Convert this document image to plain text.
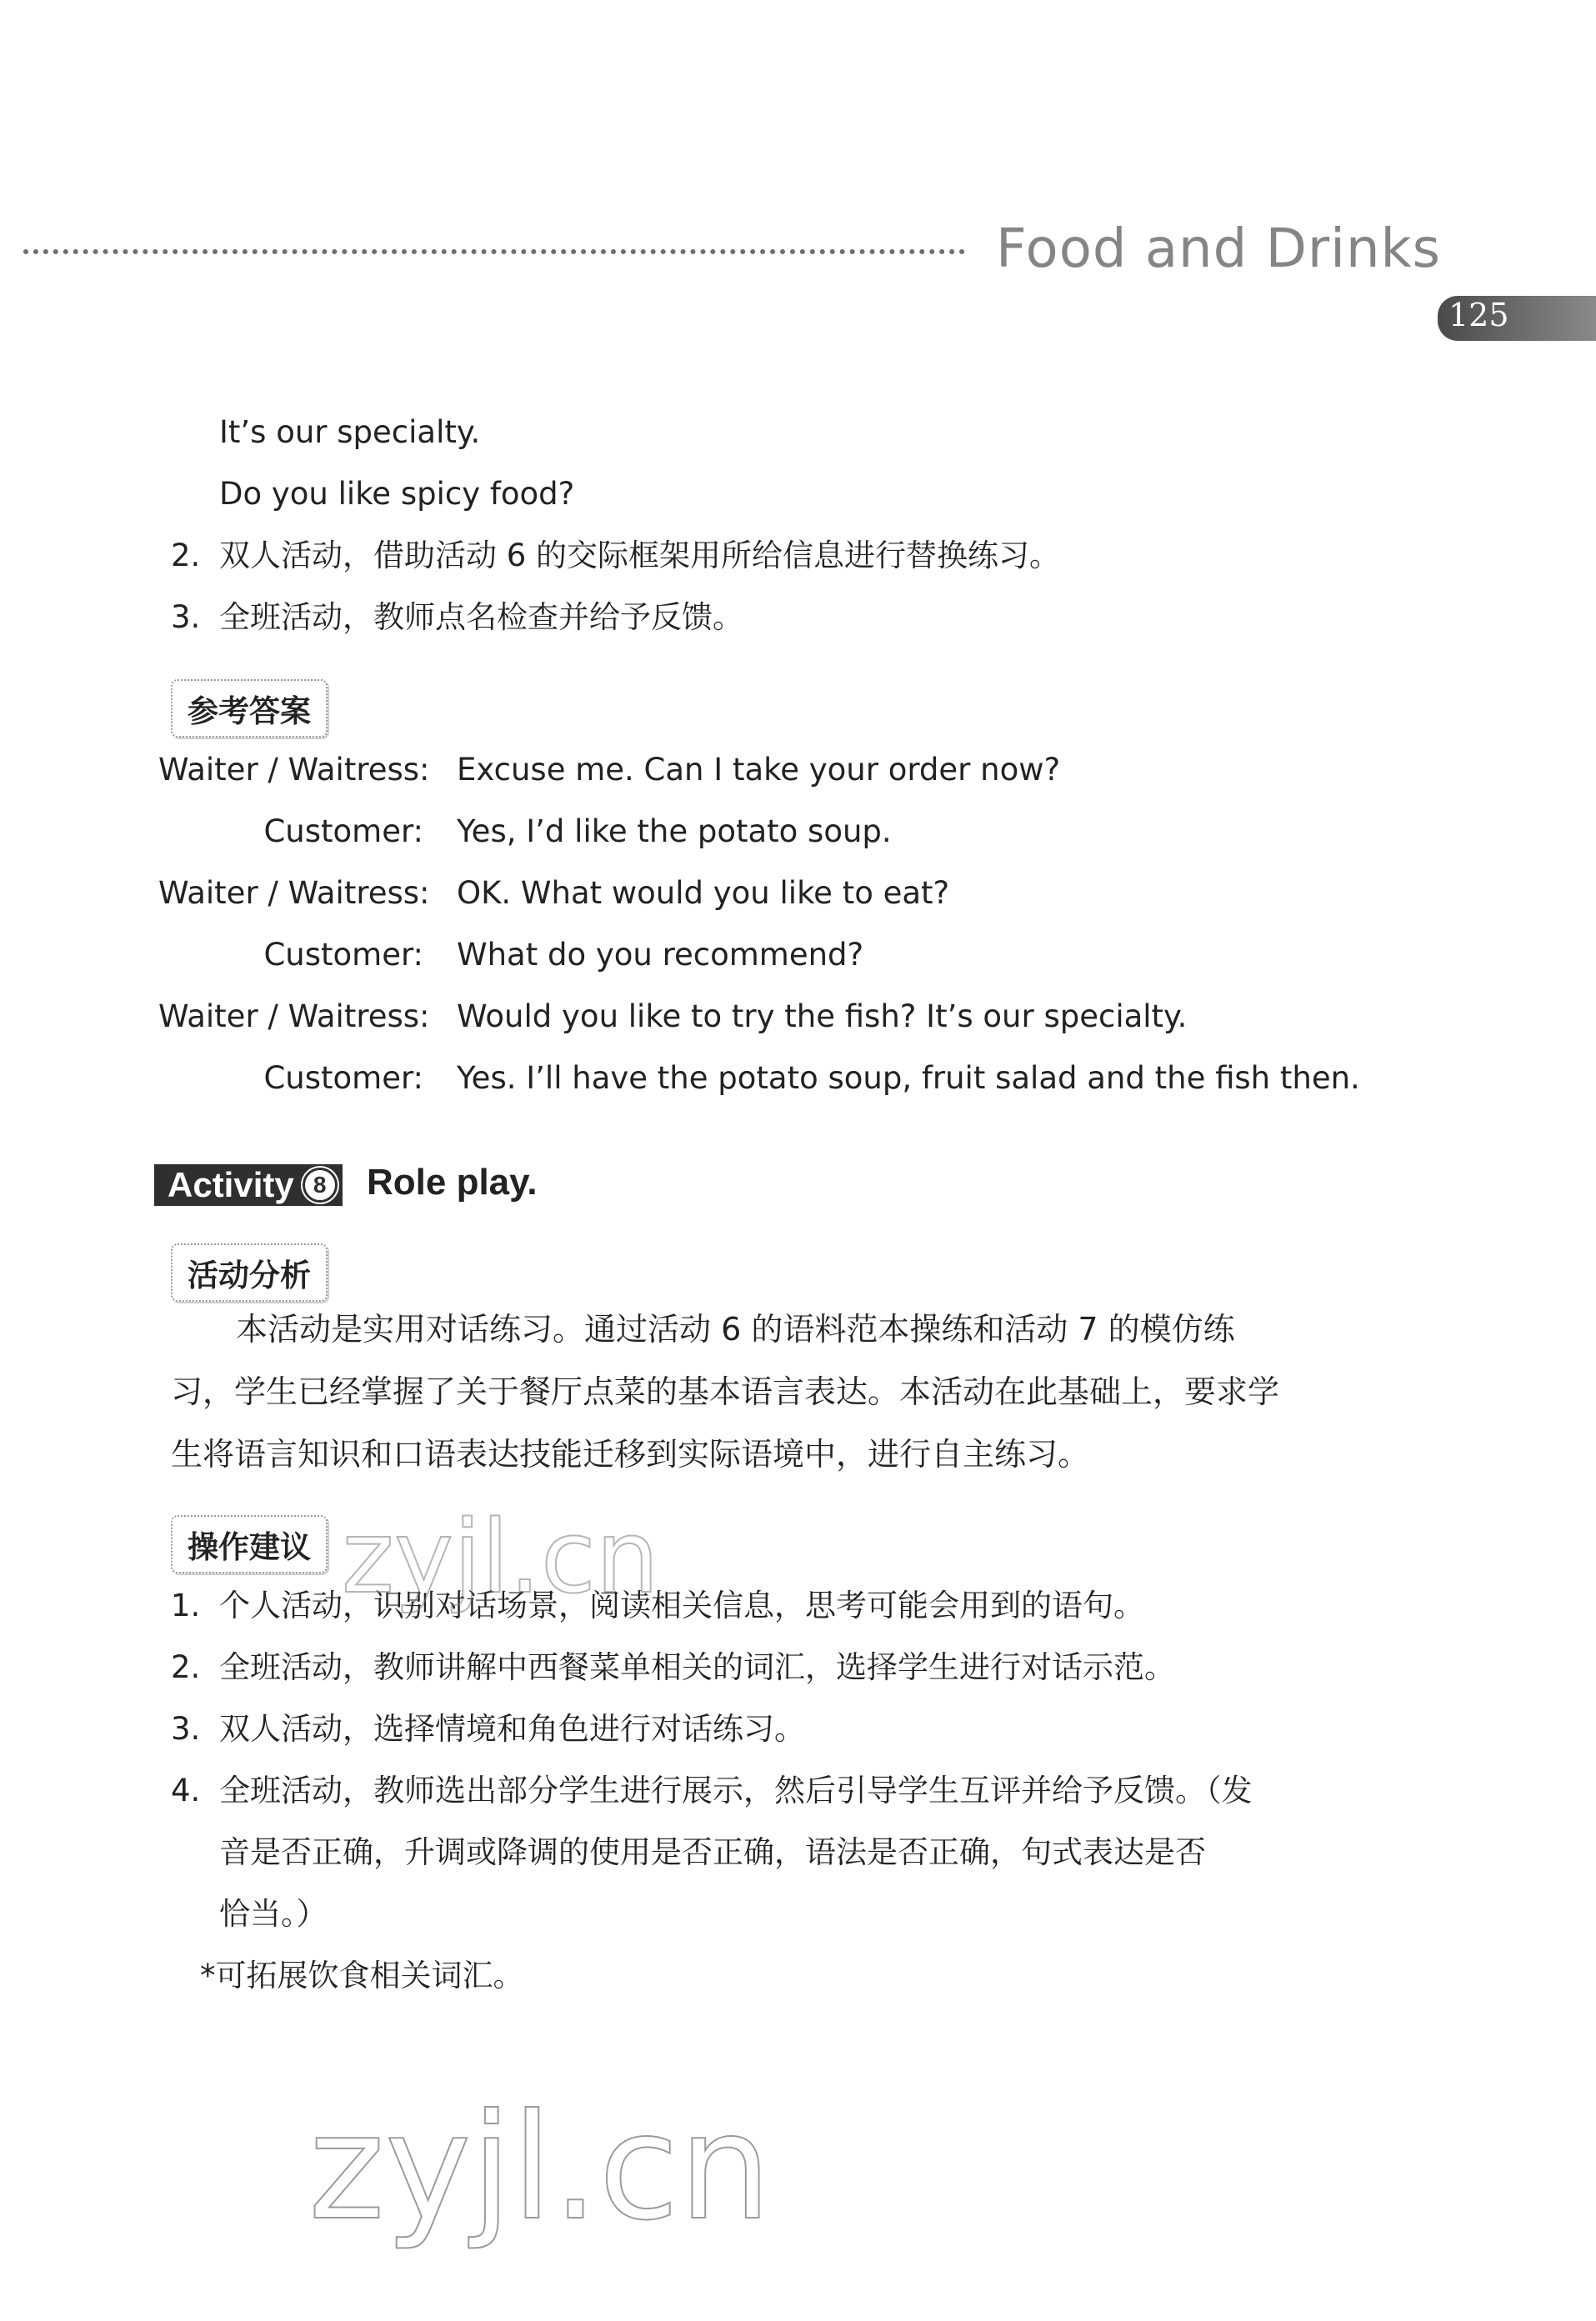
Food and Drinks
125
It’s our specialty.
Do you like spicy food?
2. 双人活动，借助活动 6 的交际框架用所给信息进行替换练习。
3. 全班活动，教师点名检查并给予反馈。
参考答案
Waiter / Waitress: Excuse me. Can I take your order now?
Customer: Yes, I’d like the potato soup.
Waiter / Waitress: OK. What would you like to eat?
Customer: What do you recommend?
Waiter / Waitress: Would you like to try the fish? It’s our specialty.
Customer: Yes. I’ll have the potato soup, fruit salad and the fish then.
Activity 8	Role play.
活动分析
本活动是实用对话练习。通过活动 6 的语料范本操练和活动 7 的模仿练
习，学生已经掌握了关于餐厅点菜的基本语言表达。本活动在此基础上，要求学
生将语言知识和口语表达技能迁移到实际语境中，进行自主练习。
操作建议
1. 个人活动，识别对话场景，阅读相关信息，思考可能会用到的语句。
2. 全班活动，教师讲解中西餐菜单相关的词汇，选择学生进行对话示范。
3. 双人活动，选择情境和角色进行对话练习。
4. 全班活动，教师选出部分学生进行展示，然后引导学生互评并给予反馈。（发
音是否正确，升调或降调的使用是否正确，语法是否正确，句式表达是否
恰当。）
*可拓展饮食相关词汇。
zyjl.cn
zyjl.cn
